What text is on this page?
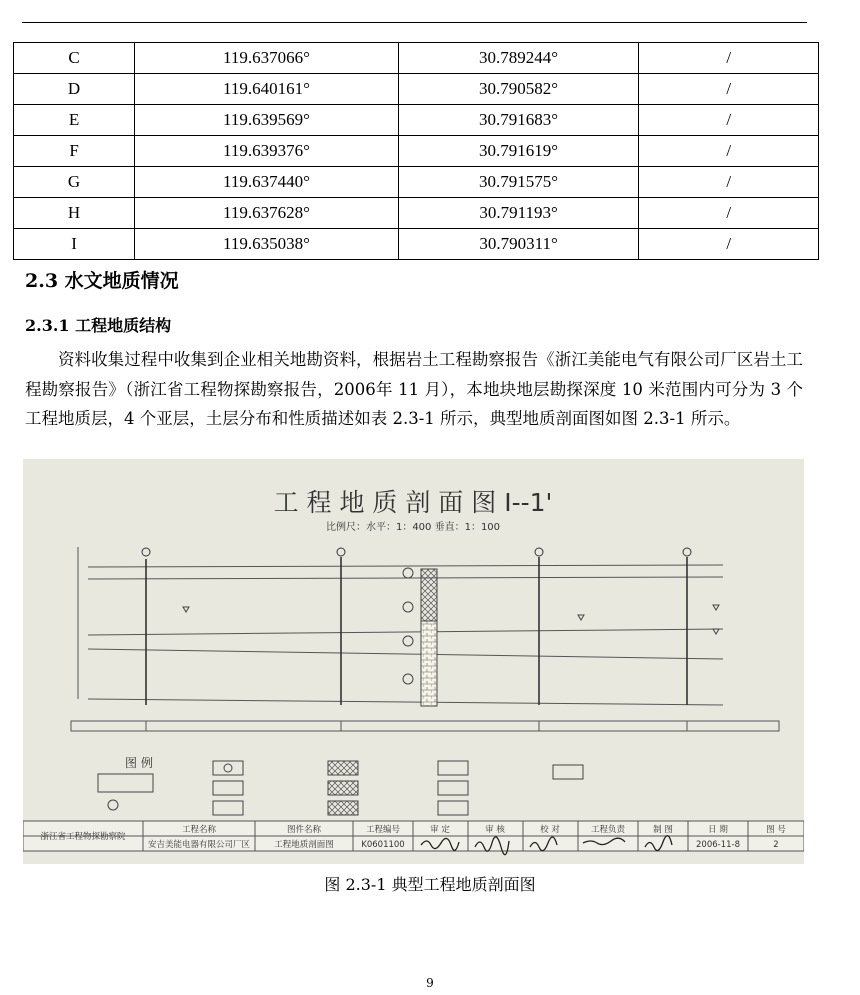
C	119.637066°	30.789244°	/
D	119.640161°	30.790582°	/
E	119.639569°	30.791683°	/
F	119.639376°	30.791619°	/
G	119.637440°	30.791575°	/
H	119.637628°	30.791193°	/
I	119.635038°	30.790311°	/
2.3 水文地质情况
2.3.1 工程地质结构

资料收集过程中收集到企业相关地勘资料，根据岩土工程勘察报告《浙江美能电气有限公司厂区岩土工程勘察报告》（浙江省工程物探勘察报告，2006年 11 月），本地块地层勘探深度 10 米范围内可分为 3 个工程地质层，4 个亚层，土层分布和性质描述如表 2.3-1 所示，典型地质剖面图如图 2.3-1 所示。

工 程 地 质 剖 面 图 I--1'
比例尺：水平：1：400 垂直：1：100
图 例
浙江省工程物探勘察院
工程名称
安吉美能电器有限公司厂区
图件名称
工程地质剖面图
工程编号
K0601100
审 定	审 核	校 对	工程负责	制 图	日 期
2006-11-8
图 号
2
图 2.3-1 典型工程地质剖面图
9
